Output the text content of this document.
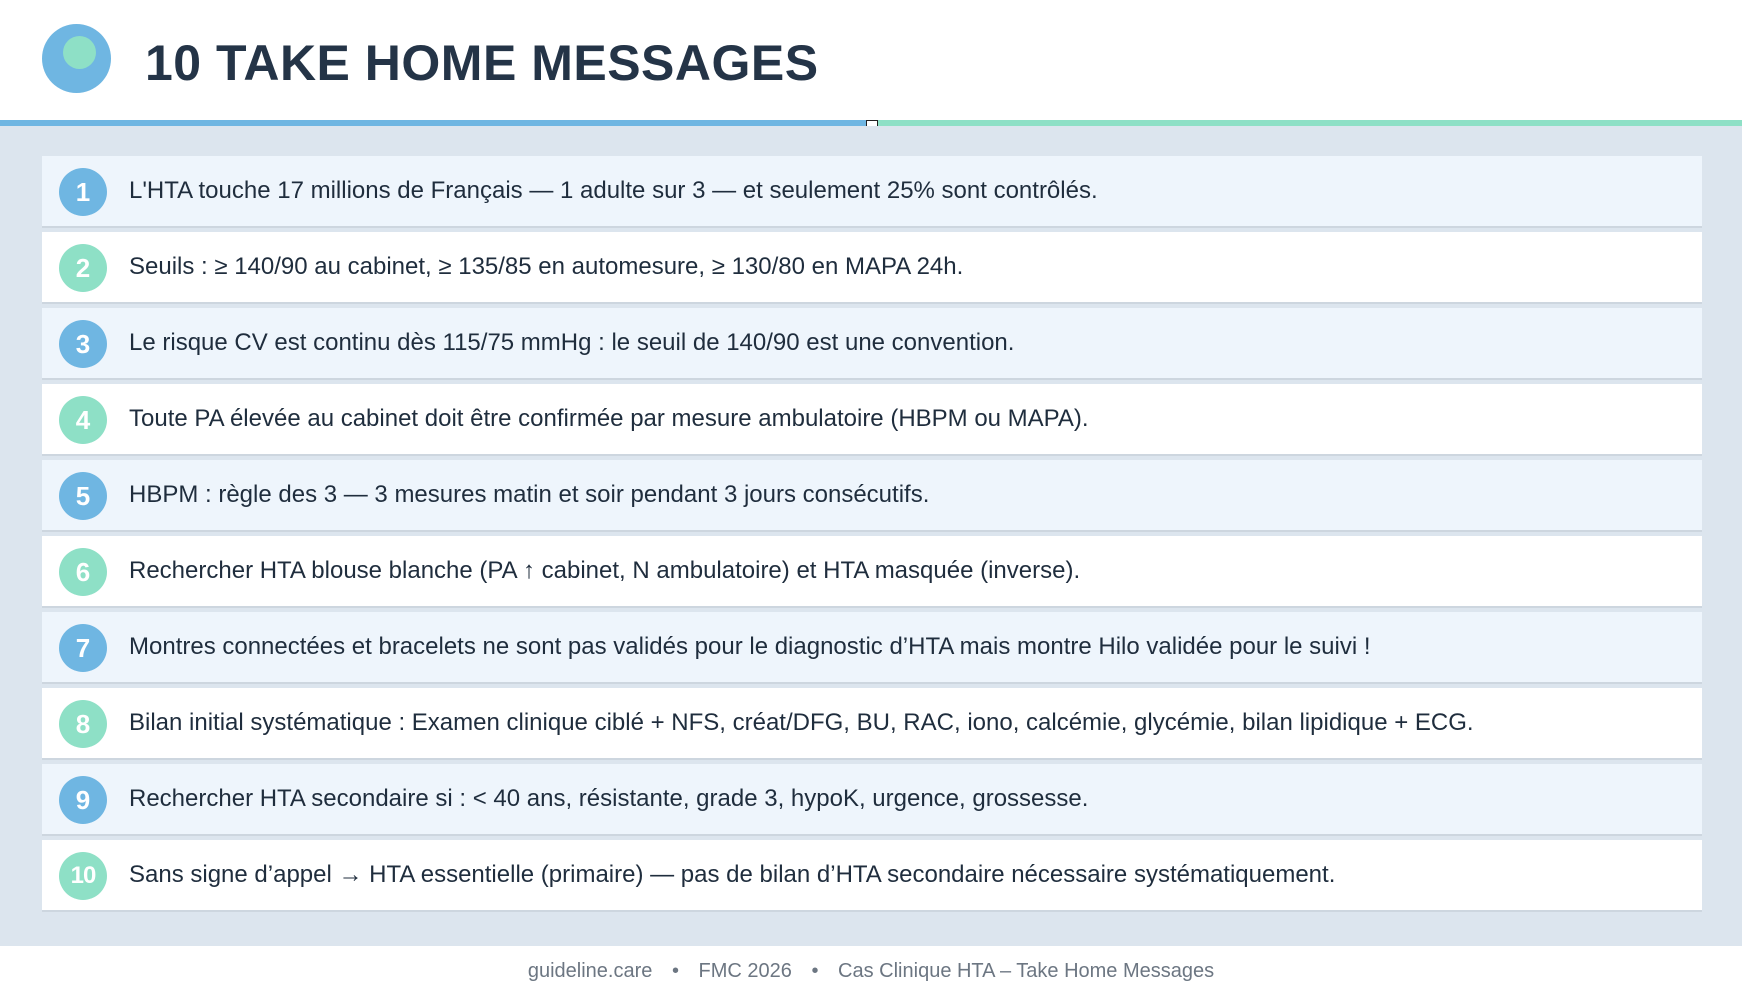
10 TAKE HOME MESSAGES
1	L'HTA touche 17 millions de Français — 1 adulte sur 3 — et seulement 25% sont contrôlés.
2	Seuils : ≥ 140/90 au cabinet, ≥ 135/85 en automesure, ≥ 130/80 en MAPA 24h.
3	Le risque CV est continu dès 115/75 mmHg : le seuil de 140/90 est une convention.
4	Toute PA élevée au cabinet doit être confirmée par mesure ambulatoire (HBPM ou MAPA).
5	HBPM : règle des 3 — 3 mesures matin et soir pendant 3 jours consécutifs.
6	Rechercher HTA blouse blanche (PA ↑ cabinet, N ambulatoire) et HTA masquée (inverse).
7	Montres connectées et bracelets ne sont pas validés pour le diagnostic d’HTA mais montre Hilo validée pour le suivi !
8	Bilan initial systématique : Examen clinique ciblé + NFS, créat/DFG, BU, RAC, iono, calcémie, glycémie, bilan lipidique + ECG.
9	Rechercher HTA secondaire si : < 40 ans, résistante, grade 3, hypoK, urgence, grossesse.
10	Sans signe d’appel → HTA essentielle (primaire) — pas de bilan d’HTA secondaire nécessaire systématiquement.
guideline.care • FMC 2026 • Cas Clinique HTA – Take Home Messages
